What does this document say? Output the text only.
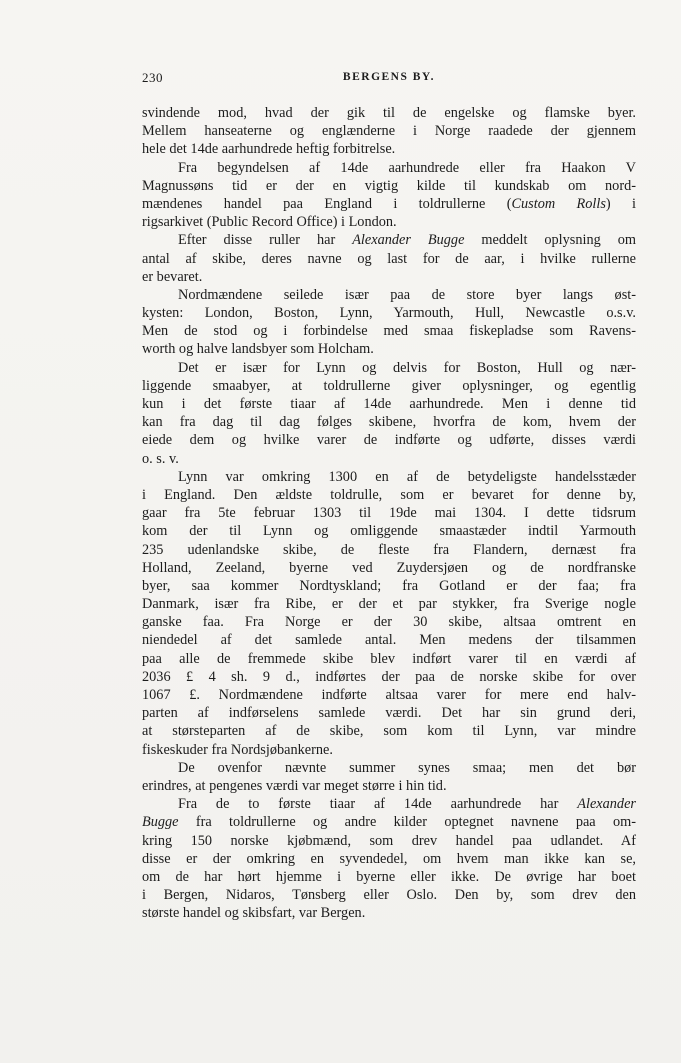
230	BERGENS BY.
svindende mod, hvad der gik til de engelske og flamske byer.
Mellem hanseaterne og englænderne i Norge raadede der gjennem
hele det 14de aarhundrede heftig forbitrelse.
Fra begyndelsen af 14de aarhundrede eller fra Haakon V
Magnussøns tid er der en vigtig kilde til kundskab om nord-
mændenes handel paa England i toldrullerne (Custom Rolls) i
rigsarkivet (Public Record Office) i London.
Efter disse ruller har Alexander Bugge meddelt oplysning om
antal af skibe, deres navne og last for de aar, i hvilke rullerne
er bevaret.
Nordmændene seilede især paa de store byer langs øst-
kysten: London, Boston, Lynn, Yarmouth, Hull, Newcastle o.s.v.
Men de stod og i forbindelse med smaa fiskepladse som Ravens-
worth og halve landsbyer som Holcham.
Det er især for Lynn og delvis for Boston, Hull og nær-
liggende smaabyer, at toldrullerne giver oplysninger, og egentlig
kun i det første tiaar af 14de aarhundrede. Men i denne tid
kan fra dag til dag følges skibene, hvorfra de kom, hvem der
eiede dem og hvilke varer de indførte og udførte, disses værdi
o. s. v.
Lynn var omkring 1300 en af de betydeligste handelsstæder
i England. Den ældste toldrulle, som er bevaret for denne by,
gaar fra 5te februar 1303 til 19de mai 1304. I dette tidsrum
kom der til Lynn og omliggende smaastæder indtil Yarmouth
235 udenlandske skibe, de fleste fra Flandern, dernæst fra
Holland, Zeeland, byerne ved Zuydersjøen og de nordfranske
byer, saa kommer Nordtyskland; fra Gotland er der faa; fra
Danmark, især fra Ribe, er der et par stykker, fra Sverige nogle
ganske faa. Fra Norge er der 30 skibe, altsaa omtrent en
niendedel af det samlede antal. Men medens der tilsammen
paa alle de fremmede skibe blev indført varer til en værdi af
2036 £ 4 sh. 9 d., indførtes der paa de norske skibe for over
1067 £. Nordmændene indførte altsaa varer for mere end halv-
parten af indførselens samlede værdi. Det har sin grund deri,
at størsteparten af de skibe, som kom til Lynn, var mindre
fiskeskuder fra Nordsjøbankerne.
De ovenfor nævnte summer synes smaa; men det bør
erindres, at pengenes værdi var meget større i hin tid.
Fra de to første tiaar af 14de aarhundrede har Alexander
Bugge fra toldrullerne og andre kilder optegnet navnene paa om-
kring 150 norske kjøbmænd, som drev handel paa udlandet. Af
disse er der omkring en syvendedel, om hvem man ikke kan se,
om de har hørt hjemme i byerne eller ikke. De øvrige har boet
i Bergen, Nidaros, Tønsberg eller Oslo. Den by, som drev den
største handel og skibsfart, var Bergen.
